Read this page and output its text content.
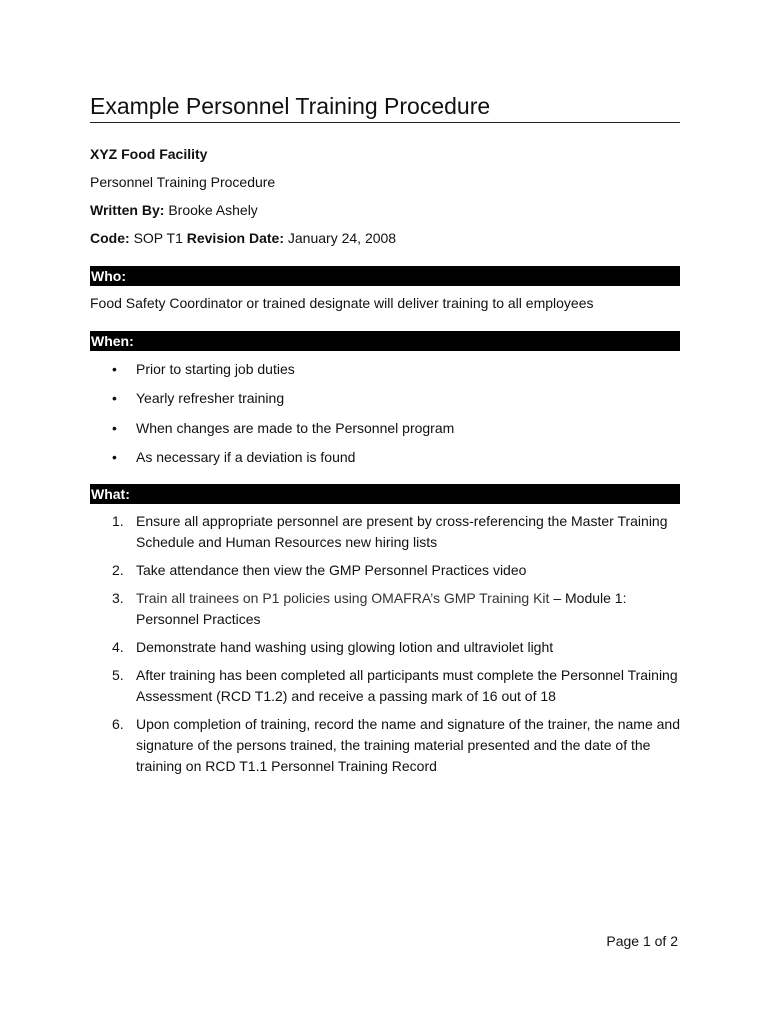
Example Personnel Training Procedure

XYZ Food Facility

Personnel Training Procedure

Written By: Brooke Ashely

Code: SOP T1 Revision Date: January 24, 2008

Who:

Food Safety Coordinator or trained designate will deliver training to all employees

When:
• Prior to starting job duties
• Yearly refresher training
• When changes are made to the Personnel program
• As necessary if a deviation is found
What:
1. Ensure all appropriate personnel are present by cross-referencing the Master Training Schedule and Human Resources new hiring lists
2. Take attendance then view the GMP Personnel Practices video
3. Train all trainees on P1 policies using OMAFRA’s GMP Training Kit – Module 1: Personnel Practices
4. Demonstrate hand washing using glowing lotion and ultraviolet light
5. After training has been completed all participants must complete the Personnel Training Assessment (RCD T1.2) and receive a passing mark of 16 out of 18
6. Upon completion of training, record the name and signature of the trainer, the name and signature of the persons trained, the training material presented and the date of the training on RCD T1.1 Personnel Training Record
Page 1 of 2
